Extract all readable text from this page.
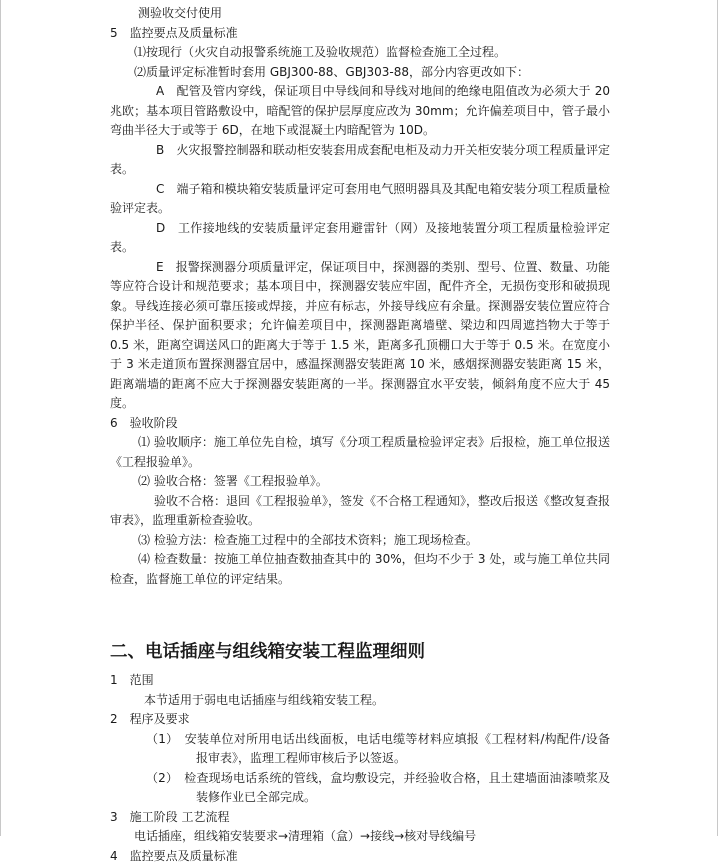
测验收交付使用
5　监控要点及质量标准
⑴按现行（火灾自动报警系统施工及验收规范）监督检查施工全过程。
⑵质量评定标准暂时套用 GBJ300-88、GBJ303-88，部分内容更改如下：
A　配管及管内穿线，保证项目中导线间和导线对地间的绝缘电阻值改为必须大于 20兆欧；基本项目管路敷设中，暗配管的保护层厚度应改为 30mm；允许偏差项目中，管子最小弯曲半径大于或等于 6D，在地下或混凝土内暗配管为 10D。
B　火灾报警控制器和联动柜安装套用成套配电柜及动力开关柜安装分项工程质量评定表。
C　端子箱和模块箱安装质量评定可套用电气照明器具及其配电箱安装分项工程质量检验评定表。
D　工作接地线的安装质量评定套用避雷针（网）及接地装置分项工程质量检验评定表。
E　报警探测器分项质量评定，保证项目中，探测器的类别、型号、位置、数量、功能等应符合设计和规范要求；基本项目中，探测器安装应牢固，配件齐全，无损伤变形和破损现象。导线连接必须可靠压接或焊接，并应有标志，外接导线应有余量。探测器安装位置应符合保护半径、保护面积要求；允许偏差项目中，探测器距离墙壁、梁边和四周遮挡物大于等于 0.5 米，距离空调送风口的距离大于等于 1.5 米，距离多孔顶棚口大于等于 0.5 米。在宽度小于 3 米走道顶布置探测器宜居中，感温探测器安装距离 10 米，感烟探测器安装距离 15 米，距离端墙的距离不应大于探测器安装距离的一半。探测器宜水平安装，倾斜角度不应大于 45 度。
6　验收阶段
⑴ 验收顺序：施工单位先自检，填写《分项工程质量检验评定表》后报检，施工单位报送《工程报验单》。
⑵ 验收合格：签署《工程报验单》。
验收不合格：退回《工程报验单》，签发《不合格工程通知》，整改后报送《整改复查报审表》，监理重新检查验收。
⑶ 检验方法：检查施工过程中的全部技术资料；施工现场检查。
⑷ 检查数量：按施工单位抽查数抽查其中的 30%，但均不少于 3 处，或与施工单位共同检查，监督施工单位的评定结果。
二、电话插座与组线箱安装工程监理细则
1　范围
本节适用于弱电电话插座与组线箱安装工程。
2　程序及要求
（1）　安装单位对所用电话出线面板，电话电缆等材料应填报《工程材料/构配件/设备报审表》，监理工程师审核后予以签返。
（2）　检查现场电话系统的管线，盒均敷设完，并经验收合格，且土建墙面油漆喷浆及装修作业已全部完成。
3　施工阶段 工艺流程
电话插座，组线箱安装要求→清理箱（盒）→接线→核对导线编号
4　监控要点及质量标准
